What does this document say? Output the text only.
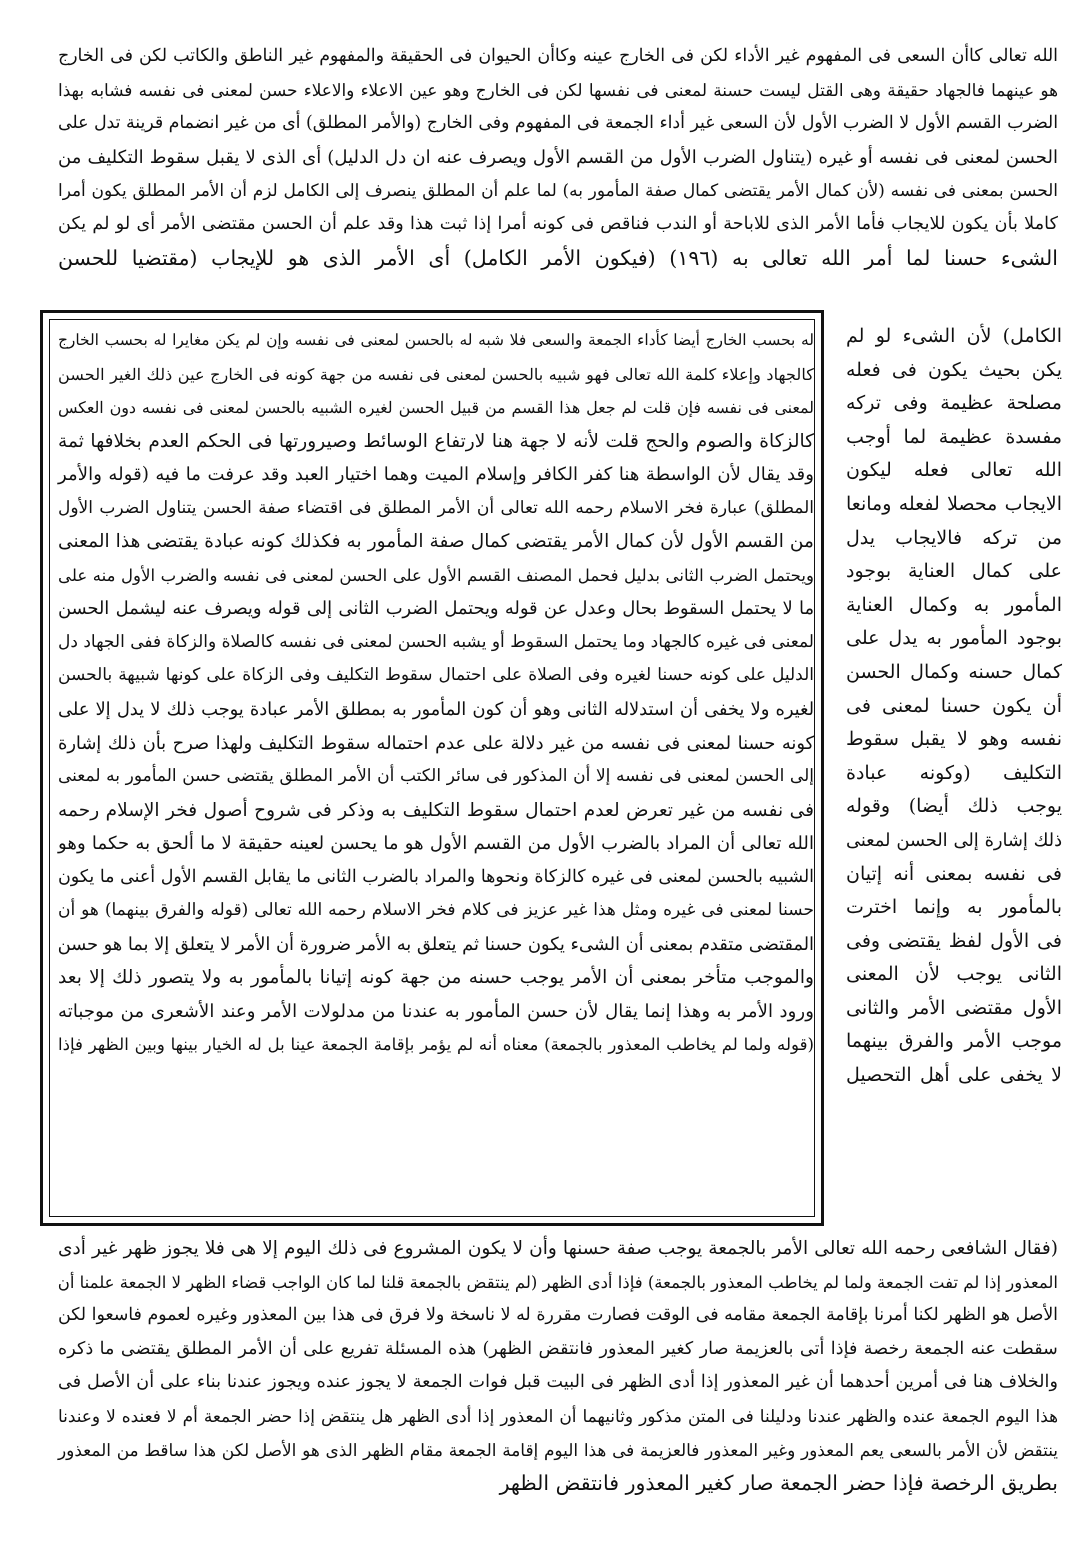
الله تعالى كاأن السعى فى المفهوم غير الأداء لكن فى الخارج عينه وكاأن الحيوان فى الحقيقة والمفهوم غير الناطق والكاتب لكن فى الخارج

هو عينهما فالجهاد حقيقة وهى القتل ليست حسنة لمعنى فى نفسها لكن فى الخارج وهو عين الاعلاء والاعلاء حسن لمعنى فى نفسه فشابه بهذا

الضرب القسم الأول لا الضرب الأول لأن السعى غير أداء الجمعة فى المفهوم وفى الخارج (والأمر المطلق) أى من غير انضمام قرينة تدل على

الحسن لمعنى فى نفسه أو غيره (يتناول الضرب الأول من القسم الأول ويصرف عنه ان دل الدليل) أى الذى لا يقبل سقوط التكليف من

الحسن بمعنى فى نفسه (لأن كمال الأمر يقتضى كمال صفة المأمور به) لما علم أن المطلق ينصرف إلى الكامل لزم أن الأمر المطلق يكون أمرا

كاملا بأن يكون للايجاب فأما الأمر الذى للاباحة أو الندب فناقص فى كونه أمرا إذا ثبت هذا وقد علم أن الحسن مقتضى الأمر أى لو لم يكن

الشىء حسنا لما أمر الله تعالى به (١٩٦) (فيكون الأمر الكامل) أى الأمر الذى هو للإيجاب (مقتضيا للحسن

الكامل) لأن الشىء لو لم

يكن بحيث يكون فى فعله

مصلحة عظيمة وفى تركه

مفسدة عظيمة لما أوجب

الله تعالى فعله ليكون

الايجاب محصلا لفعله ومانعا

من تركه فالايجاب يدل

على كمال العناية بوجود

المأمور به وكمال العناية

بوجود المأمور به يدل على

كمال حسنه وكمال الحسن

أن يكون حسنا لمعنى فى

نفسه وهو لا يقبل سقوط

التكليف (وكونه عبادة

يوجب ذلك أيضا) وقوله

ذلك إشارة إلى الحسن لمعنى

فى نفسه بمعنى أنه إتيان

بالمأمور به وإنما اخترت

فى الأول لفظ يقتضى وفى

الثانى يوجب لأن المعنى

الأول مقتضى الأمر والثانى

موجب الأمر والفرق بينهما

لا يخفى على أهل التحصيل

له بحسب الخارج أيضا كأداء الجمعة والسعى فلا شبه له بالحسن لمعنى فى نفسه وإن لم يكن مغايرا له بحسب الخارج

كالجهاد وإعلاء كلمة الله تعالى فهو شبيه بالحسن لمعنى فى نفسه من جهة كونه فى الخارج عين ذلك الغير الحسن

لمعنى فى نفسه فإن قلت لم جعل هذا القسم من قبيل الحسن لغيره الشبيه بالحسن لمعنى فى نفسه دون العكس

كالزكاة والصوم والحج قلت لأنه لا جهة هنا لارتفاع الوسائط وصيرورتها فى الحكم العدم بخلافها ثمة

وقد يقال لأن الواسطة هنا كفر الكافر وإسلام الميت وهما اختيار العبد وقد عرفت ما فيه (قوله والأمر

المطلق) عبارة فخر الاسلام رحمه الله تعالى أن الأمر المطلق فى اقتضاء صفة الحسن يتناول الضرب الأول

من القسم الأول لأن كمال الأمر يقتضى كمال صفة المأمور به فكذلك كونه عبادة يقتضى هذا المعنى

ويحتمل الضرب الثانى بدليل فحمل المصنف القسم الأول على الحسن لمعنى فى نفسه والضرب الأول منه على

ما لا يحتمل السقوط بحال وعدل عن قوله ويحتمل الضرب الثانى إلى قوله ويصرف عنه ليشمل الحسن

لمعنى فى غيره كالجهاد وما يحتمل السقوط أو يشبه الحسن لمعنى فى نفسه كالصلاة والزكاة ففى الجهاد دل

الدليل على كونه حسنا لغيره وفى الصلاة على احتمال سقوط التكليف وفى الزكاة على كونها شبيهة بالحسن

لغيره ولا يخفى أن استدلاله الثانى وهو أن كون المأمور به بمطلق الأمر عبادة يوجب ذلك لا يدل إلا على

كونه حسنا لمعنى فى نفسه من غير دلالة على عدم احتماله سقوط التكليف ولهذا صرح بأن ذلك إشارة

إلى الحسن لمعنى فى نفسه إلا أن المذكور فى سائر الكتب أن الأمر المطلق يقتضى حسن المأمور به لمعنى

فى نفسه من غير تعرض لعدم احتمال سقوط التكليف به وذكر فى شروح أصول فخر الإسلام رحمه

الله تعالى أن المراد بالضرب الأول من القسم الأول هو ما يحسن لعينه حقيقة لا ما ألحق به حكما وهو

الشبيه بالحسن لمعنى فى غيره كالزكاة ونحوها والمراد بالضرب الثانى ما يقابل القسم الأول أعنى ما يكون

حسنا لمعنى فى غيره ومثل هذا غير عزيز فى كلام فخر الاسلام رحمه الله تعالى (قوله والفرق بينهما) هو أن

المقتضى متقدم بمعنى أن الشىء يكون حسنا ثم يتعلق به الأمر ضرورة أن الأمر لا يتعلق إلا بما هو حسن

والموجب متأخر بمعنى أن الأمر يوجب حسنه من جهة كونه إتيانا بالمأمور به ولا يتصور ذلك إلا بعد

ورود الأمر به وهذا إنما يقال لأن حسن المأمور به عندنا من مدلولات الأمر وعند الأشعرى من موجباته

(قوله ولما لم يخاطب المعذور بالجمعة) معناه أنه لم يؤمر بإقامة الجمعة عينا بل له الخيار بينها وبين الظهر فإذا

(فقال الشافعى رحمه الله تعالى الأمر بالجمعة يوجب صفة حسنها وأن لا يكون المشروع فى ذلك اليوم إلا هى فلا يجوز ظهر غير أدى

المعذور إذا لم تفت الجمعة ولما لم يخاطب المعذور بالجمعة) فإذا أدى الظهر (لم ينتقض بالجمعة قلنا لما كان الواجب قضاء الظهر لا الجمعة علمنا أن

الأصل هو الظهر لكنا أمرنا بإقامة الجمعة مقامه فى الوقت فصارت مقررة له لا ناسخة ولا فرق فى هذا بين المعذور وغيره لعموم فاسعوا لكن

سقطت عنه الجمعة رخصة فإذا أتى بالعزيمة صار كغير المعذور فانتقض الظهر) هذه المسئلة تفريع على أن الأمر المطلق يقتضى ما ذكره

والخلاف هنا فى أمرين أحدهما أن غير المعذور إذا أدى الظهر فى البيت قبل فوات الجمعة لا يجوز عنده ويجوز عندنا بناء على أن الأصل فى

هذا اليوم الجمعة عنده والظهر عندنا ودليلنا فى المتن مذكور وثانيهما أن المعذور إذا أدى الظهر هل ينتقض إذا حضر الجمعة أم لا فعنده لا وعندنا

ينتقض لأن الأمر بالسعى يعم المعذور وغير المعذور فالعزيمة فى هذا اليوم إقامة الجمعة مقام الظهر الذى هو الأصل لكن هذا ساقط من المعذور

بطريق الرخصة فإذا حضر الجمعة صار كغير المعذور فانتقض الظهر
